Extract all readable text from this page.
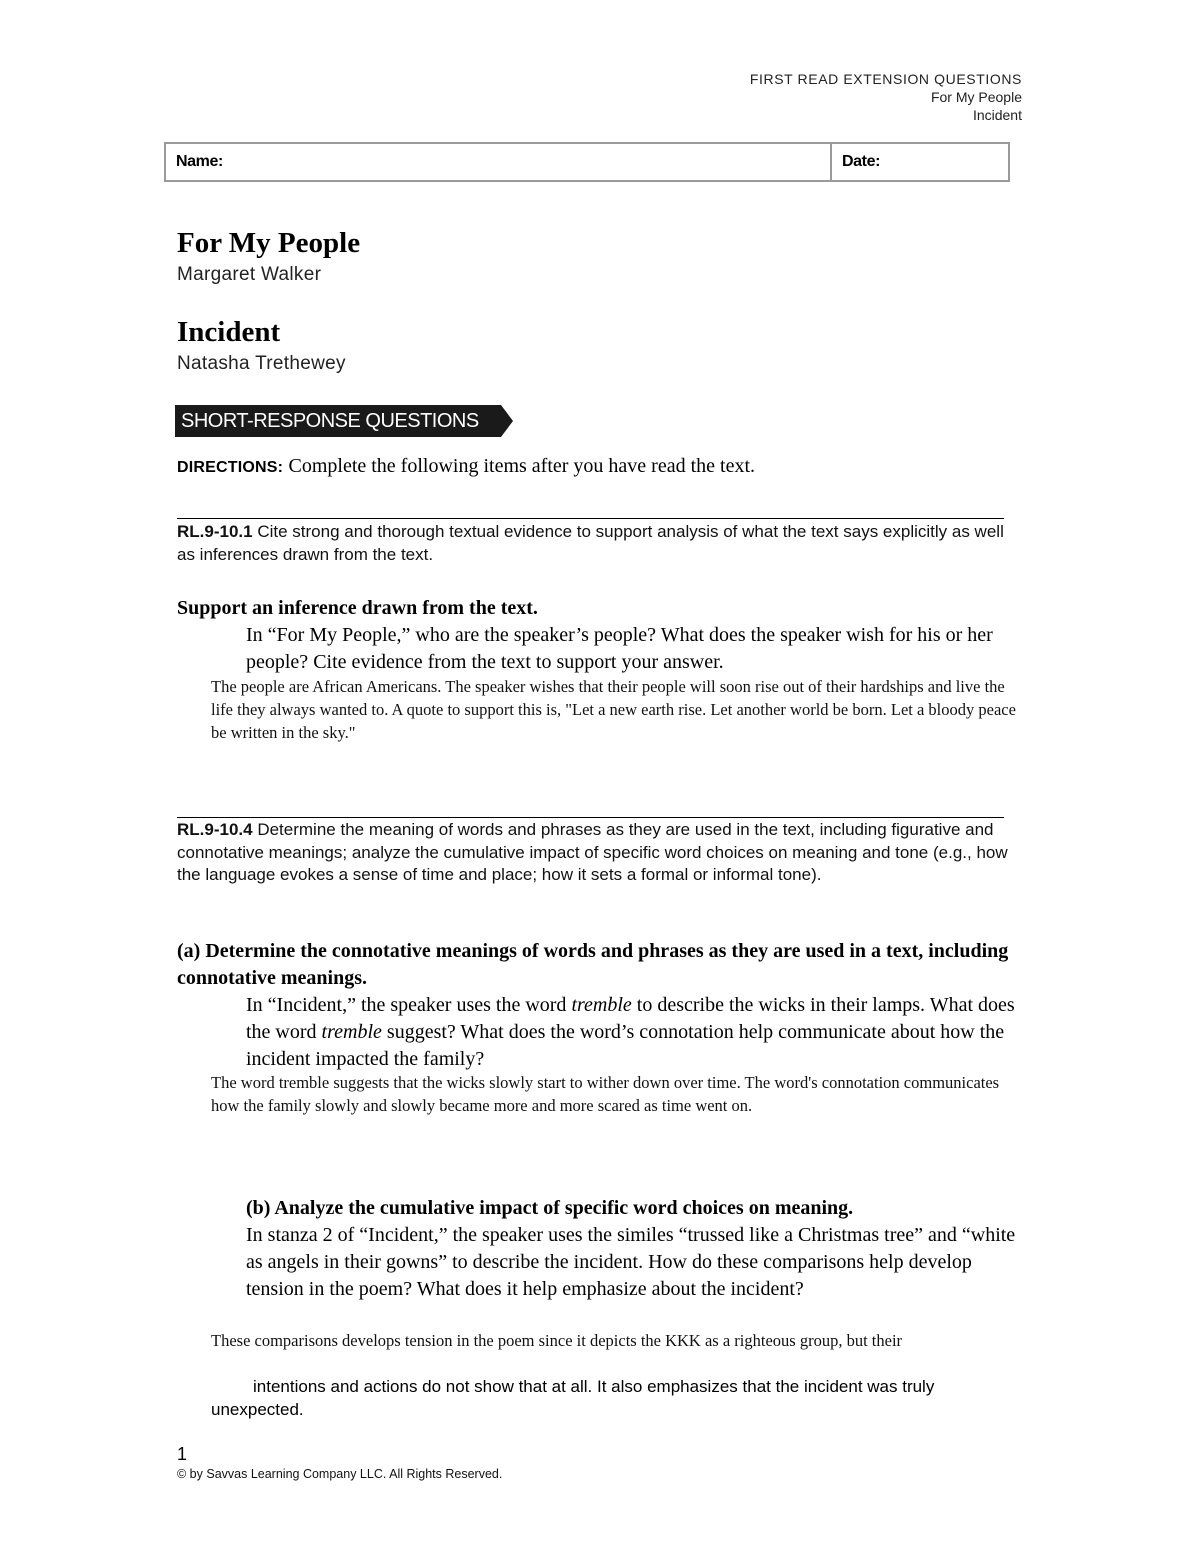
FIRST READ EXTENSION QUESTIONS
For My People
Incident
Name:	Date:
For My People
Margaret Walker
Incident
Natasha Trethewey
SHORT-RESPONSE QUESTIONS
DIRECTIONS: Complete the following items after you have read the text.
RL.9-10.1 Cite strong and thorough textual evidence to support analysis of what the text says explicitly as well as inferences drawn from the text.
Support an inference drawn from the text.
In “For My People,” who are the speaker’s people? What does the speaker wish for his or her people? Cite evidence from the text to support your answer.
The people are African Americans. The speaker wishes that their people will soon rise out of their hardships and live the life they always wanted to. A quote to support this is, "Let a new earth rise. Let another world be born. Let a bloody peace be written in the sky."
RL.9-10.4 Determine the meaning of words and phrases as they are used in the text, including figurative and connotative meanings; analyze the cumulative impact of specific word choices on meaning and tone (e.g., how the language evokes a sense of time and place; how it sets a formal or informal tone).
(a) Determine the connotative meanings of words and phrases as they are used in a text, including connotative meanings.
In “Incident,” the speaker uses the word tremble to describe the wicks in their lamps. What does the word tremble suggest? What does the word’s connotation help communicate about how the incident impacted the family?
The word tremble suggests that the wicks slowly start to wither down over time. The word's connotation communicates how the family slowly and slowly became more and more scared as time went on.
(b) Analyze the cumulative impact of specific word choices on meaning.
In stanza 2 of “Incident,” the speaker uses the similes “trussed like a Christmas tree” and “white as angels in their gowns” to describe the incident. How do these comparisons help develop tension in the poem? What does it help emphasize about the incident?
These comparisons develops tension in the poem since it depicts the KKK as a righteous group, but their
intentions and actions do not show that at all. It also emphasizes that the incident was truly unexpected.
1
© by Savvas Learning Company LLC. All Rights Reserved.
